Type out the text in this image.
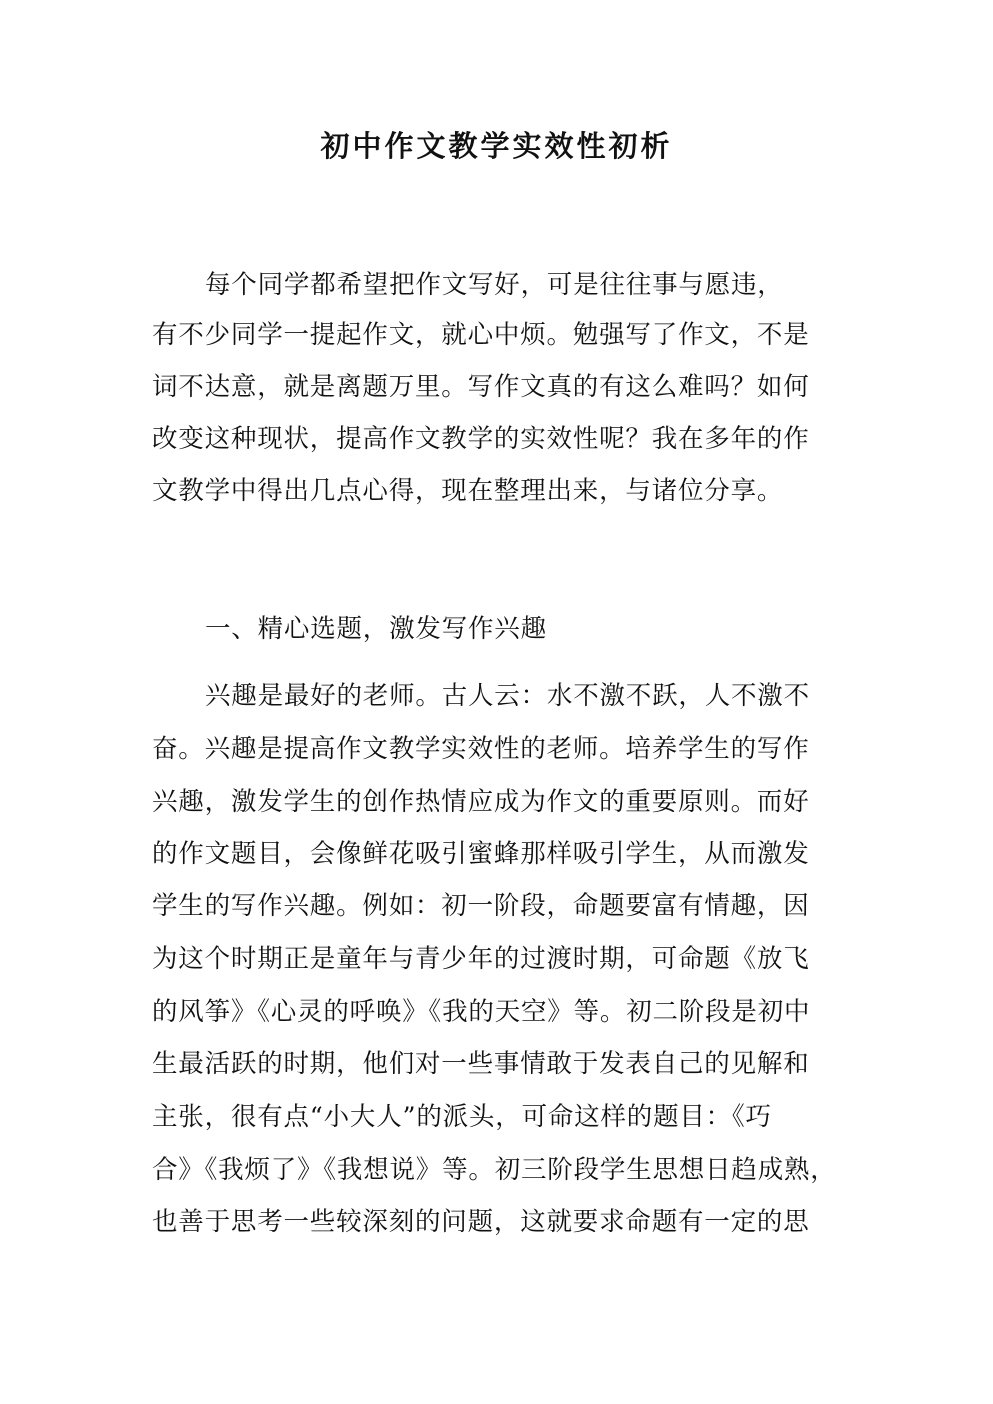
初中作文教学实效性初析
每个同学都希望把作文写好，可是往往事与愿违，
有不少同学一提起作文，就心中烦。勉强写了作文，不是
词不达意，就是离题万里。写作文真的有这么难吗？如何
改变这种现状，提高作文教学的实效性呢？我在多年的作
文教学中得出几点心得，现在整理出来，与诸位分享。
一、精心选题，激发写作兴趣
兴趣是最好的老师。古人云：水不激不跃，人不激不
奋。兴趣是提高作文教学实效性的老师。培养学生的写作
兴趣，激发学生的创作热情应成为作文的重要原则。而好
的作文题目，会像鲜花吸引蜜蜂那样吸引学生，从而激发
学生的写作兴趣。例如：初一阶段，命题要富有情趣，因
为这个时期正是童年与青少年的过渡时期，可命题《放飞
的风筝》《心灵的呼唤》《我的天空》等。初二阶段是初中
生最活跃的时期，他们对一些事情敢于发表自己的见解和
主张，很有点“小大人”的派头，可命这样的题目：《巧
合》《我烦了》《我想说》等。初三阶段学生思想日趋成熟，
也善于思考一些较深刻的问题，这就要求命题有一定的思
